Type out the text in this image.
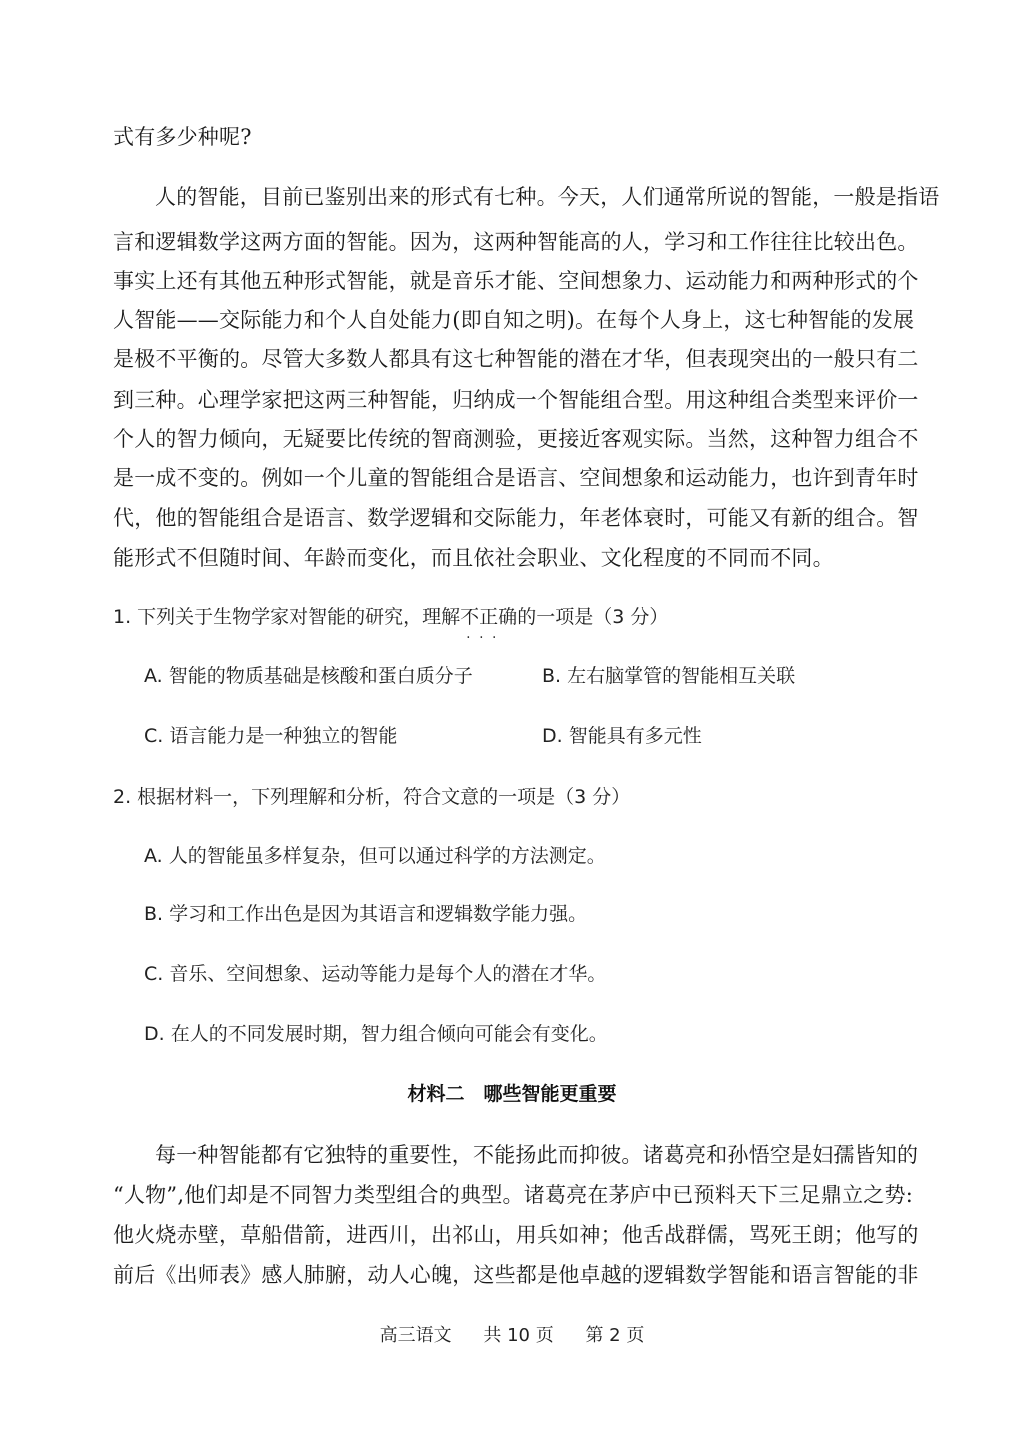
式有多少种呢?
人的智能，目前已鉴别出来的形式有七种。今天，人们通常所说的智能，一般是指语
言和逻辑数学这两方面的智能。因为，这两种智能高的人，学习和工作往往比较出色。
事实上还有其他五种形式智能，就是音乐才能、空间想象力、运动能力和两种形式的个
人智能——交际能力和个人自处能力(即自知之明)。在每个人身上，这七种智能的发展
是极不平衡的。尽管大多数人都具有这七种智能的潜在才华，但表现突出的一般只有二
到三种。心理学家把这两三种智能，归纳成一个智能组合型。用这种组合类型来评价一
个人的智力倾向，无疑要比传统的智商测验，更接近客观实际。当然，这种智力组合不
是一成不变的。例如一个儿童的智能组合是语言、空间想象和运动能力，也许到青年时
代，他的智能组合是语言、数学逻辑和交际能力，年老体衰时，可能又有新的组合。智
能形式不但随时间、年龄而变化，而且依社会职业、文化程度的不同而不同。
1. 下列关于生物学家对智能的研究，理解不正确 · · ·的一项是（3 分）
A. 智能的物质基础是核酸和蛋白质分子	B. 左右脑掌管的智能相互关联
C. 语言能力是一种独立的智能	D. 智能具有多元性
2. 根据材料一，下列理解和分析，符合文意的一项是（3 分）
A. 人的智能虽多样复杂，但可以通过科学的方法测定。
B. 学习和工作出色是因为其语言和逻辑数学能力强。
C. 音乐、空间想象、运动等能力是每个人的潜在才华。
D. 在人的不同发展时期，智力组合倾向可能会有变化。
材料二　哪些智能更重要
每一种智能都有它独特的重要性，不能扬此而抑彼。诸葛亮和孙悟空是妇孺皆知的
“人物”,他们却是不同智力类型组合的典型。诸葛亮在茅庐中已预料天下三足鼎立之势:
他火烧赤壁，草船借箭，进西川，出祁山，用兵如神；他舌战群儒，骂死王朗；他写的
前后《出师表》感人肺腑，动人心魄，这些都是他卓越的逻辑数学智能和语言智能的非
高三语文 共 10 页 第 2 页
